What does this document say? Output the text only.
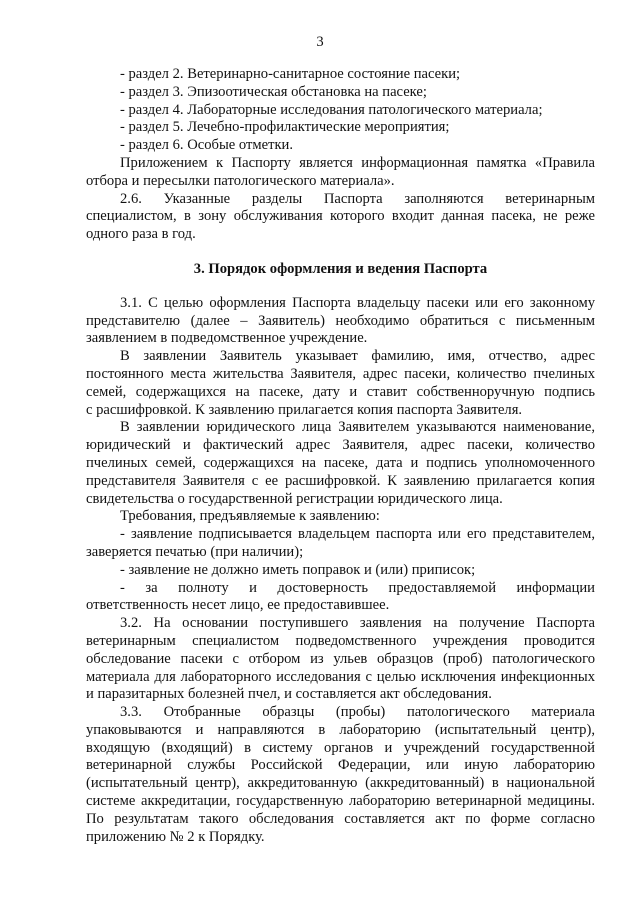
3
- раздел 2. Ветеринарно-санитарное состояние пасеки;
- раздел 3. Эпизоотическая обстановка на пасеке;
- раздел 4. Лабораторные исследования патологического материала;
- раздел 5. Лечебно-профилактические мероприятия;
- раздел 6. Особые отметки.
Приложением к Паспорту является информационная памятка «Правила
отбора и пересылки патологического материала».
2.6. Указанные разделы Паспорта заполняются ветеринарным
специалистом, в зону обслуживания которого входит данная пасека, не реже
одного раза в год.
3. Порядок оформления и ведения Паспорта
3.1. С целью оформления Паспорта владельцу пасеки или его законному
представителю (далее – Заявитель) необходимо обратиться с письменным
заявлением в подведомственное учреждение.
В заявлении Заявитель указывает фамилию, имя, отчество, адрес
постоянного места жительства Заявителя, адрес пасеки, количество пчелиных
семей, содержащихся на пасеке, дату и ставит собственноручную подпись
с расшифровкой. К заявлению прилагается копия паспорта Заявителя.
В заявлении юридического лица Заявителем указываются наименование,
юридический и фактический адрес Заявителя, адрес пасеки, количество
пчелиных семей, содержащихся на пасеке, дата и подпись уполномоченного
представителя Заявителя с ее расшифровкой. К заявлению прилагается копия
свидетельства о государственной регистрации юридического лица.
Требования, предъявляемые к заявлению:
- заявление подписывается владельцем паспорта или его представителем,
заверяется печатью (при наличии);
- заявление не должно иметь поправок и (или) приписок;
- за полноту и достоверность предоставляемой информации
ответственность несет лицо, ее предоставившее.
3.2. На основании поступившего заявления на получение Паспорта
ветеринарным специалистом подведомственного учреждения проводится
обследование пасеки с отбором из ульев образцов (проб) патологического
материала для лабораторного исследования с целью исключения инфекционных
и паразитарных болезней пчел, и составляется акт обследования.
3.3. Отобранные образцы (пробы) патологического материала
упаковываются и направляются в лабораторию (испытательный центр),
входящую (входящий) в систему органов и учреждений государственной
ветеринарной службы Российской Федерации, или иную лабораторию
(испытательный центр), аккредитованную (аккредитованный) в национальной
системе аккредитации, государственную лабораторию ветеринарной медицины.
По результатам такого обследования составляется акт по форме согласно
приложению № 2 к Порядку.
